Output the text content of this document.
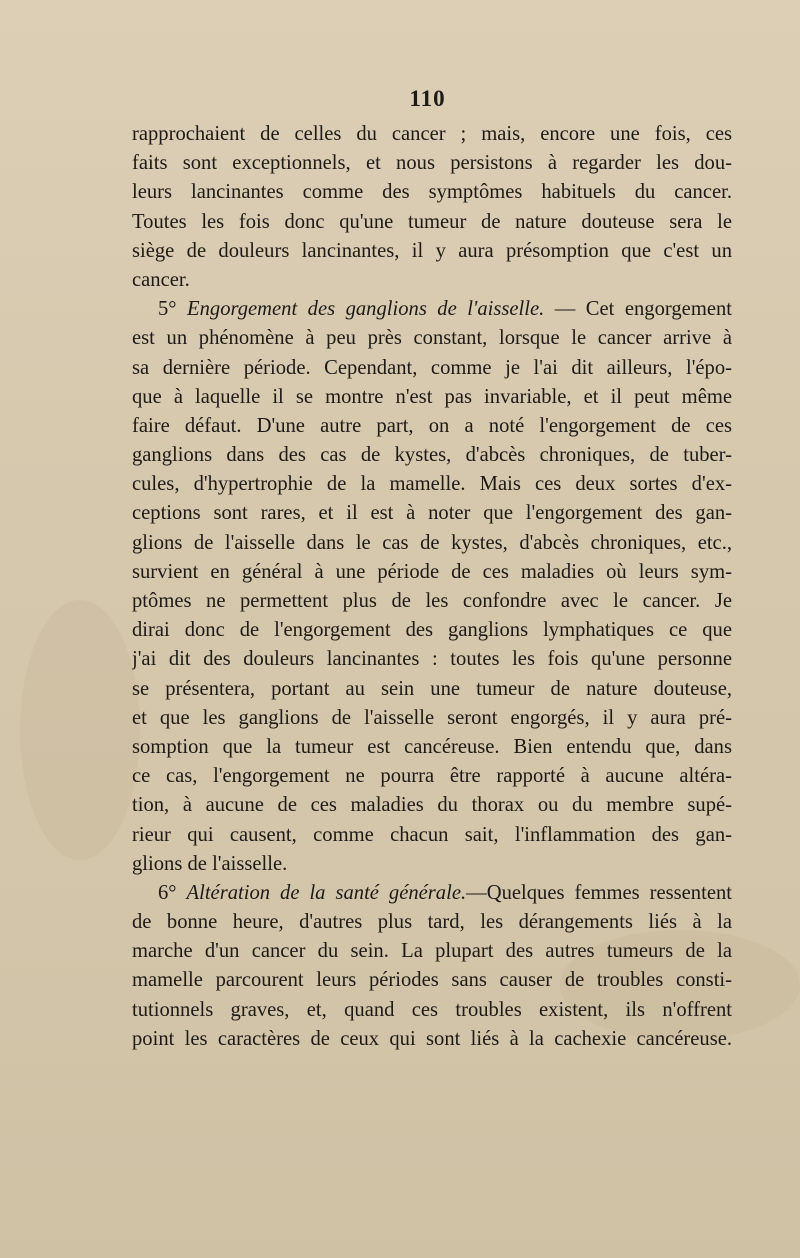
110
rapprochaient de celles du cancer ; mais, encore une fois, ces
faits sont exceptionnels, et nous persistons à regarder les dou-
leurs lancinantes comme des symptômes habituels du cancer.
Toutes les fois donc qu'une tumeur de nature douteuse sera le
siège de douleurs lancinantes, il y aura présomption que c'est un
cancer.
5° Engorgement des ganglions de l'aisselle. — Cet engorgement
est un phénomène à peu près constant, lorsque le cancer arrive à
sa dernière période. Cependant, comme je l'ai dit ailleurs, l'épo-
que à laquelle il se montre n'est pas invariable, et il peut même
faire défaut. D'une autre part, on a noté l'engorgement de ces
ganglions dans des cas de kystes, d'abcès chroniques, de tuber-
cules, d'hypertrophie de la mamelle. Mais ces deux sortes d'ex-
ceptions sont rares, et il est à noter que l'engorgement des gan-
glions de l'aisselle dans le cas de kystes, d'abcès chroniques, etc.,
survient en général à une période de ces maladies où leurs sym-
ptômes ne permettent plus de les confondre avec le cancer. Je
dirai donc de l'engorgement des ganglions lymphatiques ce que
j'ai dit des douleurs lancinantes : toutes les fois qu'une personne
se présentera, portant au sein une tumeur de nature douteuse,
et que les ganglions de l'aisselle seront engorgés, il y aura pré-
somption que la tumeur est cancéreuse. Bien entendu que, dans
ce cas, l'engorgement ne pourra être rapporté à aucune altéra-
tion, à aucune de ces maladies du thorax ou du membre supé-
rieur qui causent, comme chacun sait, l'inflammation des gan-
glions de l'aisselle.
6° Altération de la santé générale.—Quelques femmes ressentent
de bonne heure, d'autres plus tard, les dérangements liés à la
marche d'un cancer du sein. La plupart des autres tumeurs de la
mamelle parcourent leurs périodes sans causer de troubles consti-
tutionnels graves, et, quand ces troubles existent, ils n'offrent
point les caractères de ceux qui sont liés à la cachexie cancéreuse.
